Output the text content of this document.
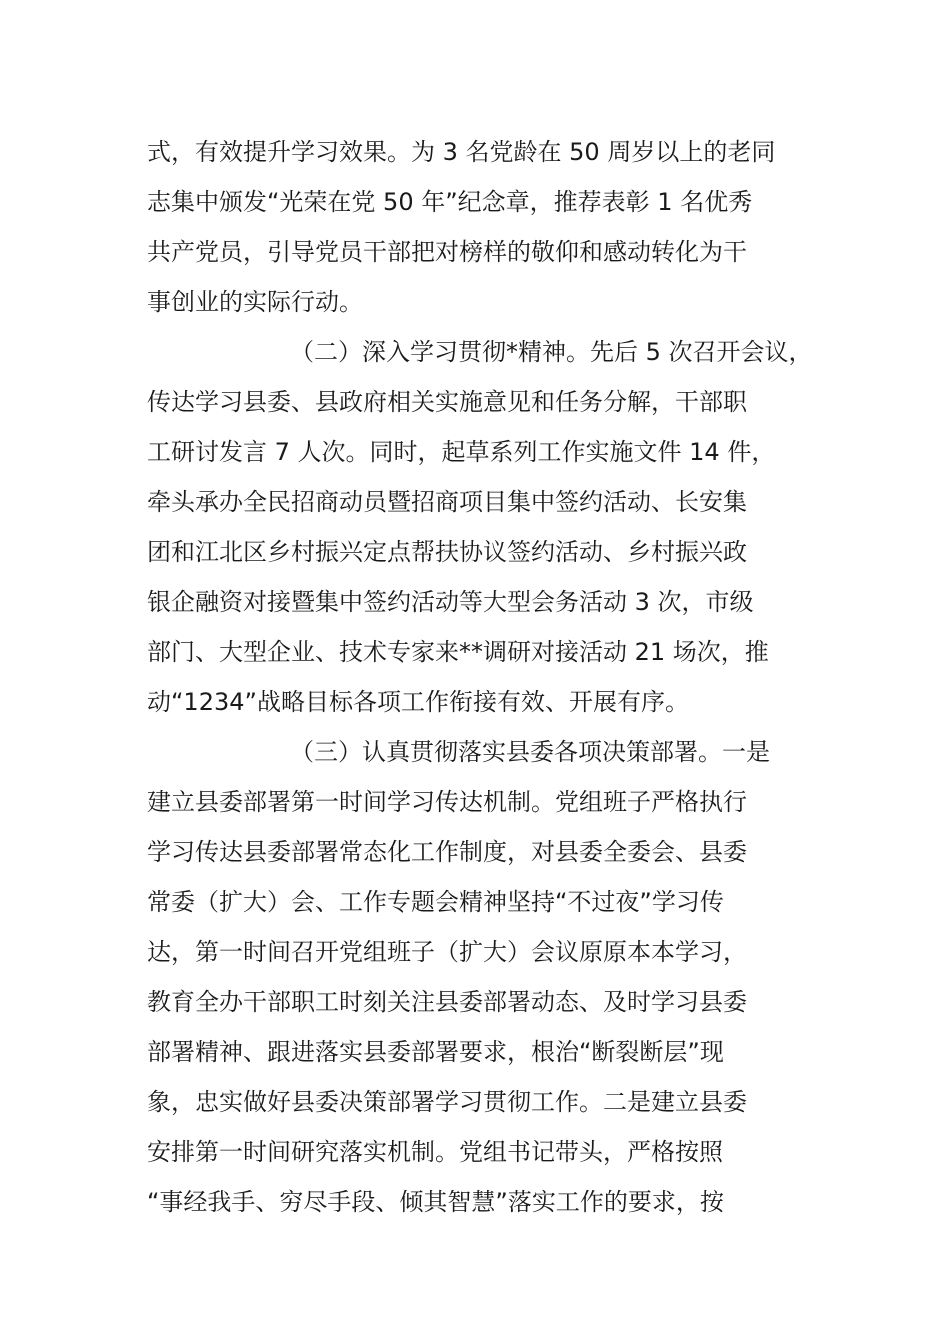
式，有效提升学习效果。为 3 名党龄在 50 周岁以上的老同
志集中颁发“光荣在党 50 年”纪念章，推荐表彰 1 名优秀
共产党员，引导党员干部把对榜样的敬仰和感动转化为干
事创业的实际行动。
（二）深入学习贯彻*精神。先后 5 次召开会议，
传达学习县委、县政府相关实施意见和任务分解，干部职
工研讨发言 7 人次。同时，起草系列工作实施文件 14 件，
牵头承办全民招商动员暨招商项目集中签约活动、长安集
团和江北区乡村振兴定点帮扶协议签约活动、乡村振兴政
银企融资对接暨集中签约活动等大型会务活动 3 次，市级
部门、大型企业、技术专家来**调研对接活动 21 场次，推
动“1234”战略目标各项工作衔接有效、开展有序。
（三）认真贯彻落实县委各项决策部署。一是
建立县委部署第一时间学习传达机制。党组班子严格执行
学习传达县委部署常态化工作制度，对县委全委会、县委
常委（扩大）会、工作专题会精神坚持“不过夜”学习传
达，第一时间召开党组班子（扩大）会议原原本本学习，
教育全办干部职工时刻关注县委部署动态、及时学习县委
部署精神、跟进落实县委部署要求，根治“断裂断层”现
象，忠实做好县委决策部署学习贯彻工作。二是建立县委
安排第一时间研究落实机制。党组书记带头，严格按照
“事经我手、穷尽手段、倾其智慧”落实工作的要求，按
